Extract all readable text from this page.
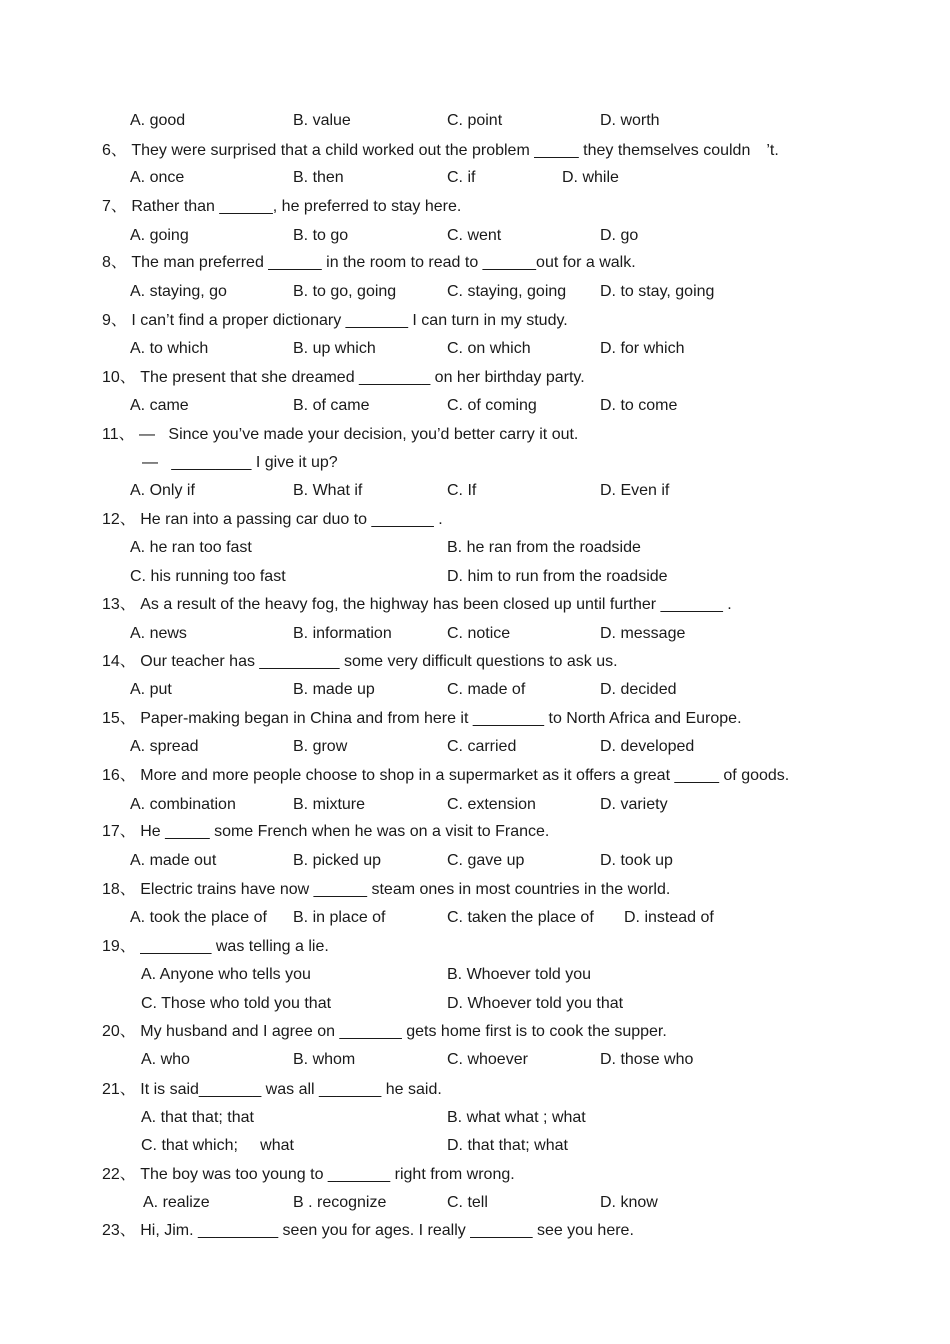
A. good	B. value	C. point	D. worth
6、 They were surprised that a child worked out the problem _____ they themselves couldn　’t.
A. once	B. then	C. if	D. while
7、 Rather than ______, he preferred to stay here.
A. going	B. to go	C. went	D. go
8、 The man preferred ______ in the room to read to ______out for a walk.
A. staying, go	B. to go, going	C. staying, going D. to stay, going
9、 I can’t find a proper dictionary _______ I can turn in my study.
A. to which	B. up which	C. on which	D. for which
10、 The present that she dreamed ________ on her birthday party.
A. came	B. of came	C. of coming	D. to come
11、 —   Since you’ve made your decision, you’d better carry it out.
—   _________ I give it up?
A. Only if	B. What if	C. If	D. Even if
12、 He ran into a passing car duo to _______ .
A. he ran too fast	B. he ran from the roadside
C. his running too fast	D. him to run from the roadside
13、 As a result of the heavy fog, the highway has been closed up until further _______ .
A. news	B. information	C. notice	D. message
14、 Our teacher has _________ some very difficult questions to ask us.
A. put	B. made up	C. made of	D. decided
15、 Paper-making began in China and from here it ________ to North Africa and Europe.
A. spread	B. grow	C. carried	D. developed
16、 More and more people choose to shop in a supermarket as it offers a great _____ of goods.
A. combination	B. mixture	C. extension	D. variety
17、 He _____ some French when he was on a visit to France.
A. made out	B. picked up	C. gave up	D. took up
18、 Electric trains have now ______ steam ones in most countries in the world.
A. took the place of B. in place of	C. taken the place of D. instead of
19、 ________ was telling a lie.
A. Anyone who tells you	B. Whoever told you
C. Those who told you that	D. Whoever told you that
20、 My husband and I agree on _______ gets home first is to cook the supper.
A. who	B. whom	C. whoever	D. those who
21、 It is said_______ was all _______ he said.
A. that that; that	B. what what ; what
C. that which;     what	D. that that; what
22、 The boy was too young to _______ right from wrong.
A. realize	B . recognize	C. tell	D. know
23、 Hi, Jim. _________ seen you for ages. I really _______ see you here.
